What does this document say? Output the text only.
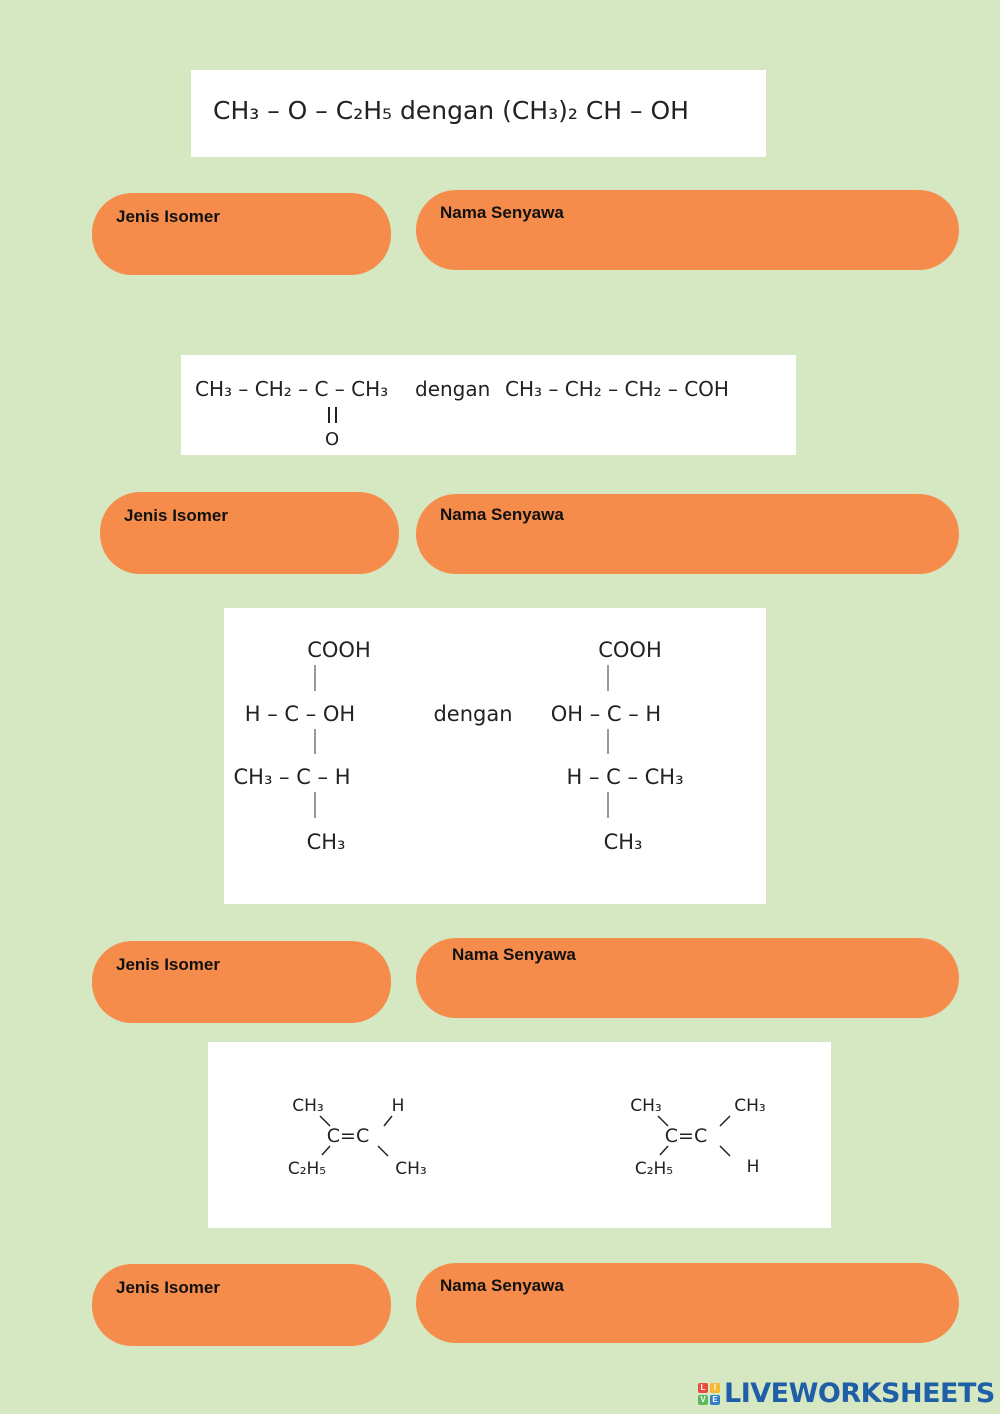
CH₃ – O – C₂H₅ dengan (CH₃)₂ CH – OH
Jenis Isomer	Nama Senyawa
CH₃ – CH₂ – C – CH₃
O
dengan CH₃ – CH₂ – CH₂ – COH
Jenis Isomer	Nama Senyawa
COOH
H – C – OH
CH₃ – C – H
CH₃
dengan
COOH
OH – C – H
H – C – CH₃
CH₃
Jenis Isomer
Nama Senyawa
CH₃	H
C=C
C₂H₅	CH₃
CH₃	CH₃
C=C
C₂H₅	H
Jenis Isomer	Nama Senyawa
L	I
V E LIVEWORKSHEETS
